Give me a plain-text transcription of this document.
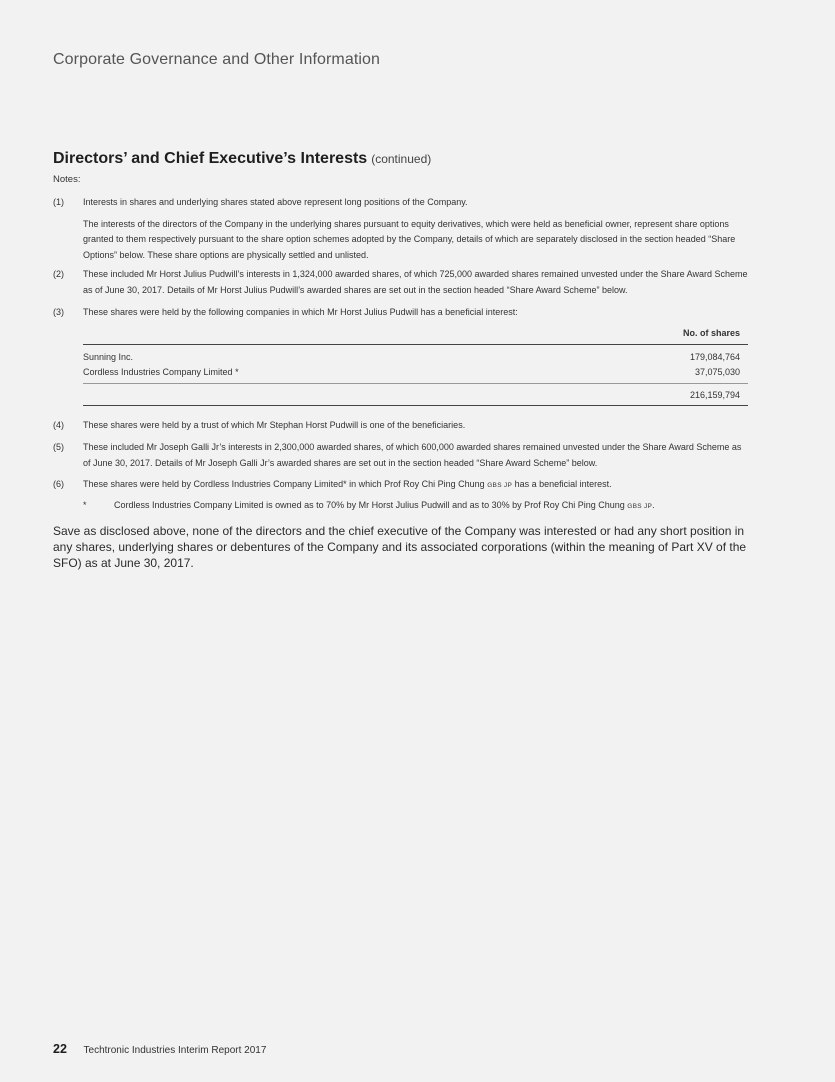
Corporate Governance and Other Information
Directors’ and Chief Executive’s Interests (continued)
Notes:
(1) Interests in shares and underlying shares stated above represent long positions of the Company.

The interests of the directors of the Company in the underlying shares pursuant to equity derivatives, which were held as beneficial owner, represent share options granted to them respectively pursuant to the share option schemes adopted by the Company, details of which are separately disclosed in the section headed “Share Options” below. These share options are physically settled and unlisted.

(2) These included Mr Horst Julius Pudwill’s interests in 1,324,000 awarded shares, of which 725,000 awarded shares remained unvested under the Share Award Scheme as of June 30, 2017. Details of Mr Horst Julius Pudwill’s awarded shares are set out in the section headed “Share Award Scheme” below.

(3) These shares were held by the following companies in which Mr Horst Julius Pudwill has a beneficial interest:

No. of shares
Sunning Inc.	179,084,764
Cordless Industries Company Limited *	37,075,030
216,159,794
(4) These shares were held by a trust of which Mr Stephan Horst Pudwill is one of the beneficiaries.

(5) These included Mr Joseph Galli Jr’s interests in 2,300,000 awarded shares, of which 600,000 awarded shares remained unvested under the Share Award Scheme as of June 30, 2017. Details of Mr Joseph Galli Jr’s awarded shares are set out in the section headed “Share Award Scheme” below.

(6) These shares were held by Cordless Industries Company Limited* in which Prof Roy Chi Ping Chung GBS JP has a beneficial interest.

*	Cordless Industries Company Limited is owned as to 70% by Mr Horst Julius Pudwill and as to 30% by Prof Roy Chi Ping Chung GBS JP.
Save as disclosed above, none of the directors and the chief executive of the Company was interested or had any short position in any shares, underlying shares or debentures of the Company and its associated corporations (within the meaning of Part XV of the SFO) as at June 30, 2017.
22 Techtronic Industries Interim Report 2017
